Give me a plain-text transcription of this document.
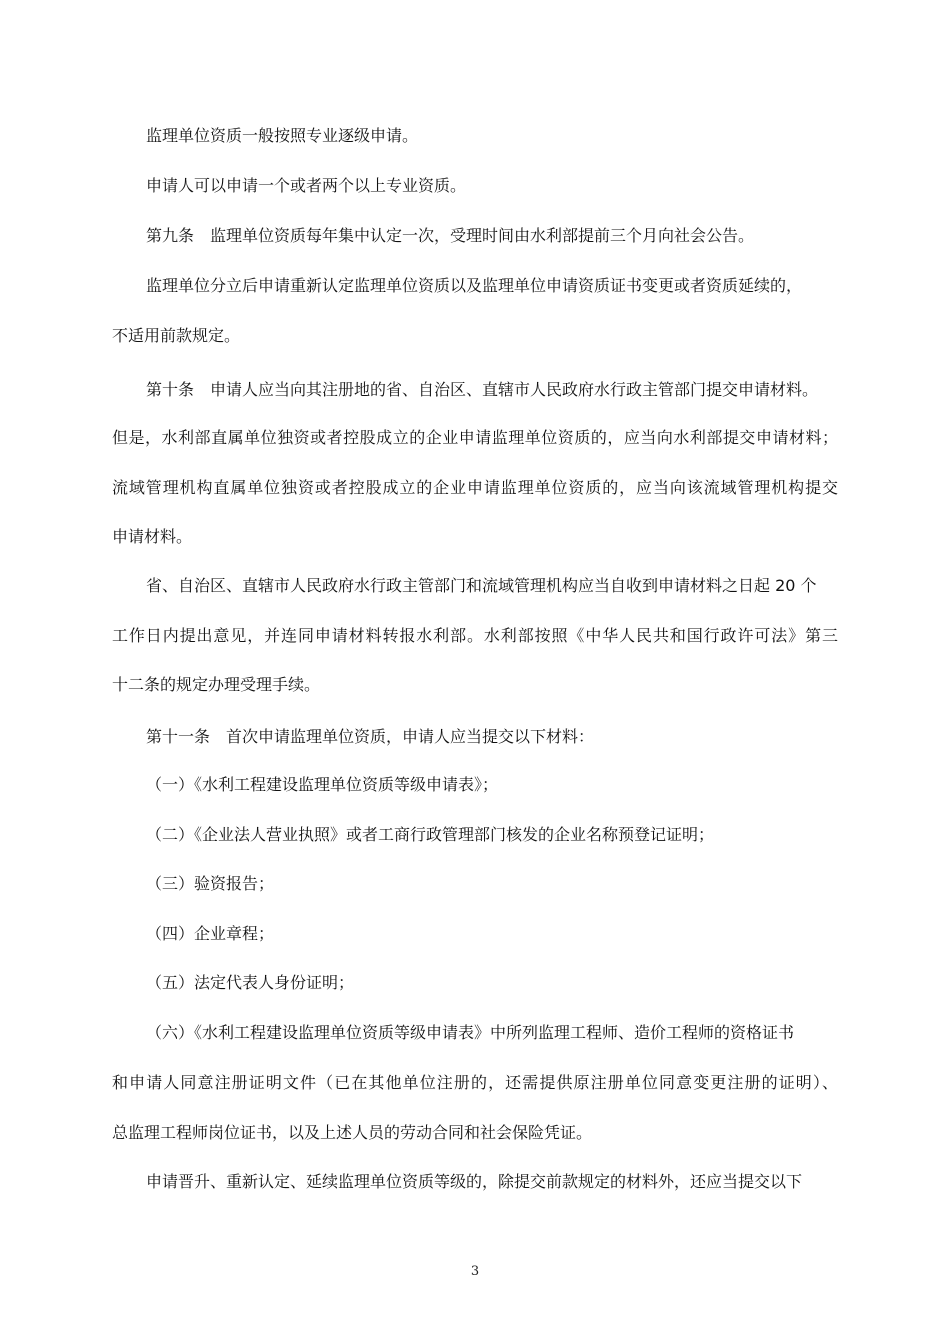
监理单位资质一般按照专业逐级申请。
申请人可以申请一个或者两个以上专业资质。
第九条　监理单位资质每年集中认定一次，受理时间由水利部提前三个月向社会公告。
监理单位分立后申请重新认定监理单位资质以及监理单位申请资质证书变更或者资质延续的，
不适用前款规定。
第十条　申请人应当向其注册地的省、自治区、直辖市人民政府水行政主管部门提交申请材料。
但是，水利部直属单位独资或者控股成立的企业申请监理单位资质的，应当向水利部提交申请材料；
流域管理机构直属单位独资或者控股成立的企业申请监理单位资质的，应当向该流域管理机构提交
申请材料。
省、自治区、直辖市人民政府水行政主管部门和流域管理机构应当自收到申请材料之日起 20 个
工作日内提出意见，并连同申请材料转报水利部。水利部按照《中华人民共和国行政许可法》第三
十二条的规定办理受理手续。
第十一条　首次申请监理单位资质，申请人应当提交以下材料：
（一）《水利工程建设监理单位资质等级申请表》；
（二）《企业法人营业执照》或者工商行政管理部门核发的企业名称预登记证明；
（三）验资报告；
（四）企业章程；
（五）法定代表人身份证明；
（六）《水利工程建设监理单位资质等级申请表》中所列监理工程师、造价工程师的资格证书
和申请人同意注册证明文件（已在其他单位注册的，还需提供原注册单位同意变更注册的证明）、
总监理工程师岗位证书，以及上述人员的劳动合同和社会保险凭证。
申请晋升、重新认定、延续监理单位资质等级的，除提交前款规定的材料外，还应当提交以下
3
